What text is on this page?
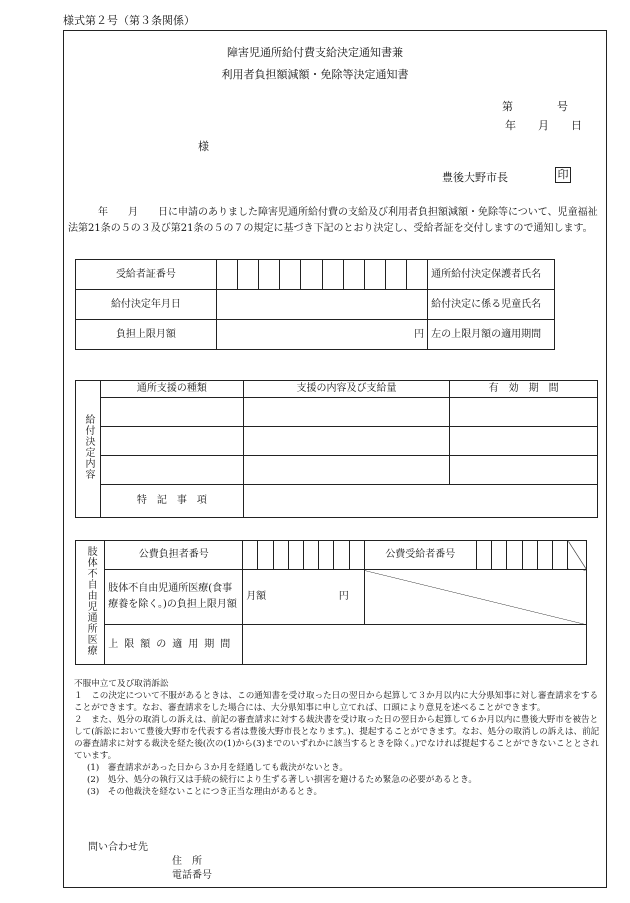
様式第２号（第３条関係）
障害児通所給付費支給決定通知書兼
利用者負担額減額・免除等決定通知書
第　　　　号
年　　月　　日
様
豊後大野市長	印
　　　年　　月　　日に申請のありました障害児通所給付費の支給及び利用者負担額減額・免除等について、児童福祉法第21条の５の３及び第21条の５の７の規定に基づき下記のとおり決定し、受給者証を交付しますので通知します。
受給者証番号											通所給付決定保護者氏名
給付決定年月日											給付決定に係る児童氏名
負担上限月額	円										左の上限月額の適用期間
給付決定内容	通所支援の種類	支援の内容及び支給量	有　効　期　間

	特　記　事　項		
肢体不自由児通所医療	公費負担者番号									公費受給者番号							
	肢体不自由児通所医療(食事療養を除く。)の負担上限月額	月額 円															

	上限額の適用期間																

不服申立て及び取消訴訟

１　この決定について不服があるときは、この通知書を受け取った日の翌日から起算して３か月以内に大分県知事に対し審査請求をすることができます。なお、審査請求をした場合には、大分県知事に申し立てれば、口頭により意見を述べることができます。

２　また、処分の取消しの訴えは、前記の審査請求に対する裁決書を受け取った日の翌日から起算して６か月以内に豊後大野市を被告として(訴訟において豊後大野市を代表する者は豊後大野市長となります。)、提起することができます。なお、処分の取消しの訴えは、前記の審査請求に対する裁決を経た後(次の(1)から(3)までのいずれかに該当するときを除く。)でなければ提起することができないこととされています。

(1)　審査請求があった日から３か月を経過しても裁決がないとき。

(2)　処分、処分の執行又は手続の続行により生ずる著しい損害を避けるため緊急の必要があるとき。

(3)　その他裁決を経ないことにつき正当な理由があるとき。

問い合わせ先
住　所
電話番号
